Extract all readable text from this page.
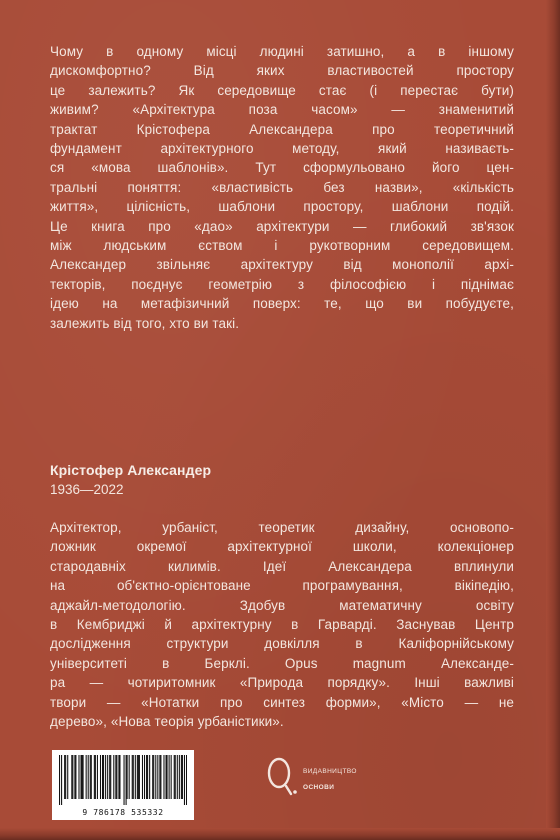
Чому в одному місці людині затишно, а в іншому
дискомфортно? Від яких властивостей простору
це залежить? Як середовище стає (і перестає бути)
живим? «Архітектура поза часом» — знаменитий
трактат Крістофера Александера про теоретичний
фундамент архітектурного методу, який називаєть-
ся «мова шаблонів». Тут сформульовано його цен-
тральні поняття: «властивість без назви», «кількість
життя», цілісність, шаблони простору, шаблони подій.
Це книга про «дао» архітектури — глибокий зв'язок
між людським єством і рукотворним середовищем.
Александер звільняє архітектуру від монополії архі-
текторів, поєднує геометрію з філософією і піднімає
ідею на метафізичний поверх: те, що ви побудуєте,
залежить від того, хто ви такі.
Крістофер Александер
1936—2022
Архітектор, урбаніст, теоретик дизайну, основопо-
ложник окремої архітектурної школи, колекціонер
стародавніх килимів. Ідеї Александера вплинули
на об'єктно-орієнтоване програмування, вікіпедію,
аджайл-методологію. Здобув математичну освіту
в Кембриджі й архітектурну в Гарварді. Заснував Центр
дослідження структури довкілля в Каліфорнійському
університеті в Берклі. Opus magnum Александе-
ра — чотиритомник «Природа порядку». Інші важливі
твори — «Нотатки про синтез форми», «Місто — не
дерево», «Нова теорія урбаністики».
9 786178 535332
ВИДАВНИЦТВО
ОСНОВИ
